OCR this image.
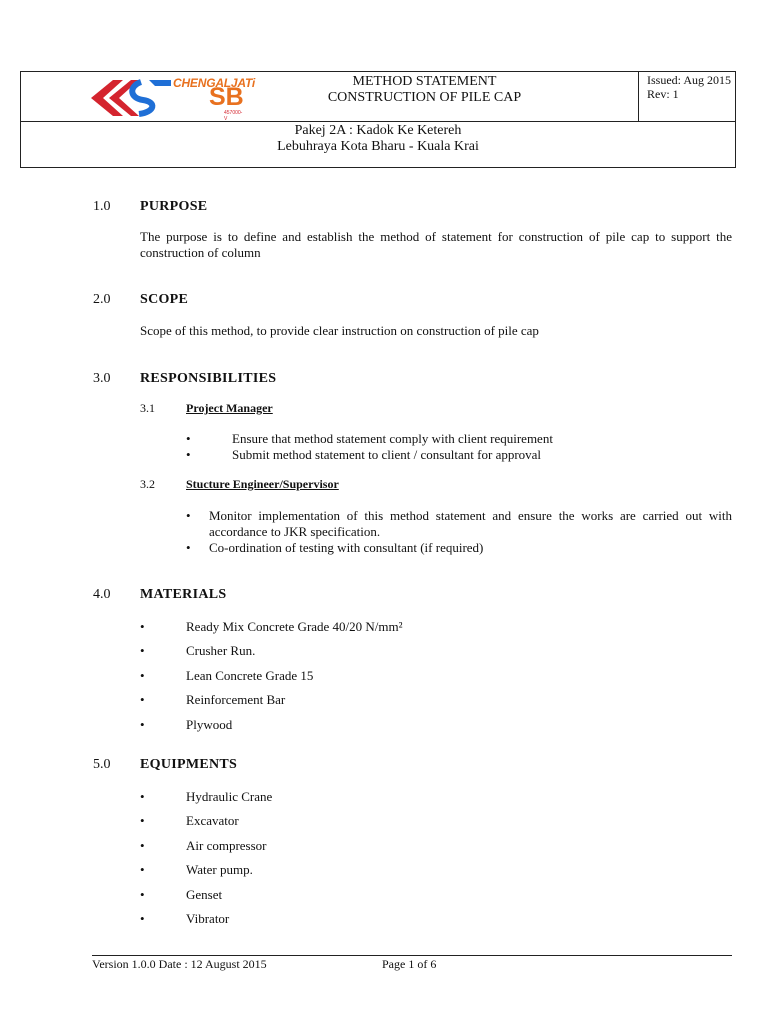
CHENGALJATi
SB
457000-V
METHOD STATEMENT
CONSTRUCTION OF PILE CAP
Issued: Aug 2015
Rev: 1
Pakej 2A : Kadok Ke Ketereh
Lebuhraya Kota Bharu - Kuala Krai
1.0 PURPOSE
The purpose is to define and establish the method of statement for construction of pile cap to support the construction of column
2.0 SCOPE
Scope of this method, to provide clear instruction on construction of pile cap
3.0 RESPONSIBILITIES
3.1	Project Manager
•	Ensure that method statement comply with client requirement
•	Submit method statement to client / consultant for approval
3.2	Stucture Engineer/Supervisor
• Monitor implementation of this method statement and ensure the works are carried out with accordance to JKR specification.
• Co-ordination of testing with consultant (if required)
4.0 MATERIALS
•	Ready Mix Concrete Grade 40/20 N/mm²
•	Crusher Run.
•	Lean Concrete Grade 15
•	Reinforcement Bar
•	Plywood
5.0 EQUIPMENTS
•	Hydraulic Crane
•	Excavator
•	Air compressor
•	Water pump.
•	Genset
•	Vibrator
Version 1.0.0 Date : 12 August 2015	Page 1 of 6
